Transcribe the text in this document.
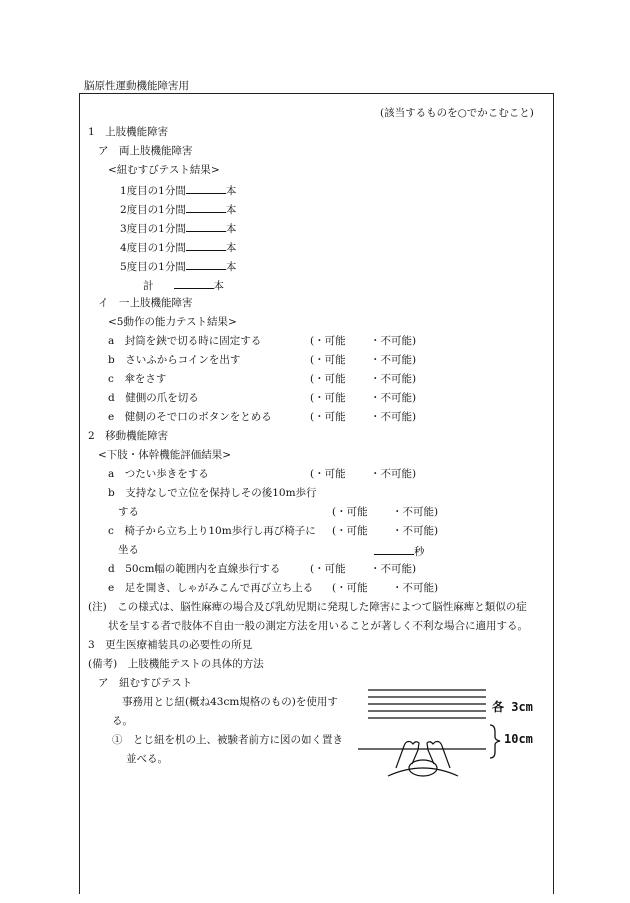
脳原性運動機能障害用
(該当するものを○でかこむこと)
1　上肢機能障害
ア　両上肢機能障害
<紐むすびテスト結果>
1度目の1分間	本
2度目の1分間	本
3度目の1分間	本
4度目の1分間	本
5度目の1分間	本
計	本
イ　一上肢機能障害
<5動作の能力テスト結果>
a　封筒を鋏で切る時に固定する	(・可能 ・不可能)
b　さいふからコインを出す	(・可能 ・不可能)
c　傘をさす	(・可能 ・不可能)
d　健側の爪を切る	(・可能 ・不可能)
e　健側のそで口のボタンをとめる	(・可能 ・不可能)
2　移動機能障害
<下肢・体幹機能評価結果>
a　つたい歩きをする	(・可能 ・不可能)
b　支持なしで立位を保持しその後10m歩行
する	(・可能 ・不可能)
c　椅子から立ち上り10m歩行し再び椅子に (・可能 ・不可能)
坐る	秒
d　50cm幅の範囲内を直線歩行する	(・可能 ・不可能)
e　足を開き、しゃがみこんで再び立ち上る (・可能 ・不可能)
(注)　この様式は、脳性麻痺の場合及び乳幼児期に発現した障害によつて脳性麻痺と類似の症
状を呈する者で肢体不自由一般の測定方法を用いることが著しく不利な場合に適用する。
3　更生医療補装具の必要性の所見
(備考)　上肢機能テストの具体的方法
ア　紐むすびテスト
事務用とじ紐(概ね43cm規格のもの)を使用す
る。
①　とじ紐を机の上、被験者前方に図の如く置き
並べる。
各 3cm
10cm
